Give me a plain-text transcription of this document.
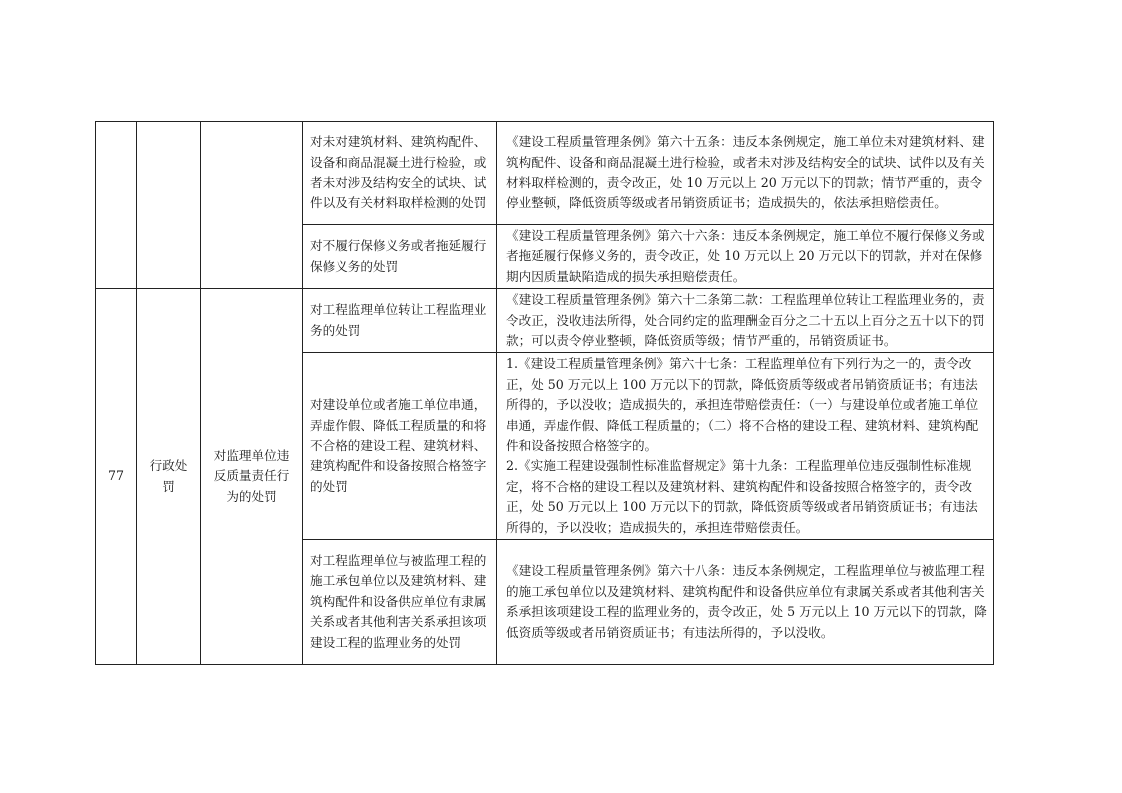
			对未对建筑材料、建筑构配件、设备和商品混凝土进行检验，或者未对涉及结构安全的试块、试件以及有关材料取样检测的处罚	《建设工程质量管理条例》第六十五条：违反本条例规定，施工单位未对建筑材料、建筑构配件、设备和商品混凝土进行检验，或者未对涉及结构安全的试块、试件以及有关材料取样检测的，责令改正，处 10 万元以上 20 万元以下的罚款；情节严重的，责令停业整顿，降低资质等级或者吊销资质证书；造成损失的，依法承担赔偿责任。

			对不履行保修义务或者拖延履行保修义务的处罚	《建设工程质量管理条例》第六十六条：违反本条例规定，施工单位不履行保修义务或者拖延履行保修义务的，责令改正，处 10 万元以上 20 万元以下的罚款，并对在保修期内因质量缺陷造成的损失承担赔偿责任。

77	行政处罚	对监理单位违反质量责任行为的处罚	对工程监理单位转让工程监理业务的处罚	《建设工程质量管理条例》第六十二条第二款：工程监理单位转让工程监理业务的，责令改正，没收违法所得，处合同约定的监理酬金百分之二十五以上百分之五十以下的罚款；可以责令停业整顿，降低资质等级；情节严重的，吊销资质证书。

			对建设单位或者施工单位串通，弄虚作假、降低工程质量的和将不合格的建设工程、建筑材料、建筑构配件和设备按照合格签字的处罚	1.《建设工程质量管理条例》第六十七条：工程监理单位有下列行为之一的，责令改正，处 50 万元以上 100 万元以下的罚款，降低资质等级或者吊销资质证书；有违法所得的，予以没收；造成损失的，承担连带赔偿责任：（一）与建设单位或者施工单位串通，弄虚作假、降低工程质量的；（二）将不合格的建设工程、建筑材料、建筑构配件和设备按照合格签字的。
2.《实施工程建设强制性标准监督规定》第十九条：工程监理单位违反强制性标准规定，将不合格的建设工程以及建筑材料、建筑构配件和设备按照合格签字的，责令改正，处 50 万元以上 100 万元以下的罚款，降低资质等级或者吊销资质证书；有违法所得的，予以没收；造成损失的，承担连带赔偿责任。

			对工程监理单位与被监理工程的施工承包单位以及建筑材料、建筑构配件和设备供应单位有隶属关系或者其他利害关系承担该项建设工程的监理业务的处罚	《建设工程质量管理条例》第六十八条：违反本条例规定，工程监理单位与被监理工程的施工承包单位以及建筑材料、建筑构配件和设备供应单位有隶属关系或者其他利害关系承担该项建设工程的监理业务的，责令改正，处 5 万元以上 10 万元以下的罚款，降低资质等级或者吊销资质证书；有违法所得的，予以没收。
